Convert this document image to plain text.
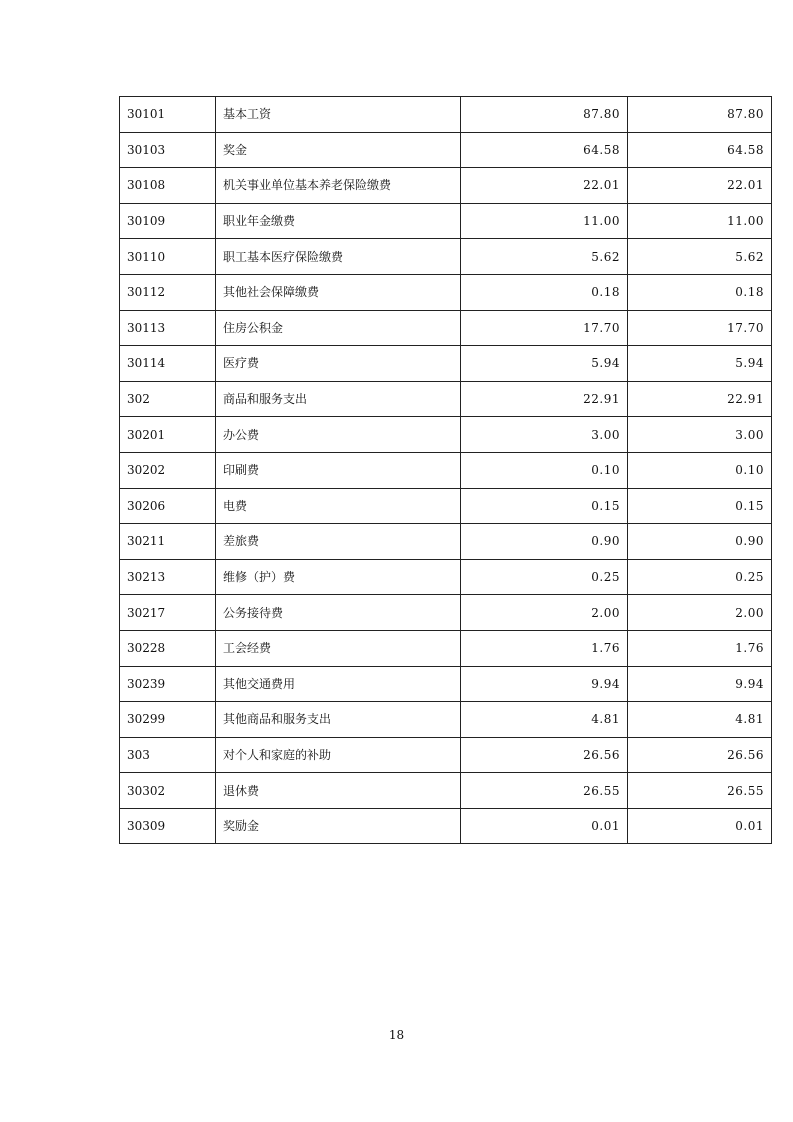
30101	基本工资	87.80	87.80
30103	奖金	64.58	64.58
30108	机关事业单位基本养老保险缴费	22.01	22.01
30109	职业年金缴费	11.00	11.00
30110	职工基本医疗保险缴费	5.62	5.62
30112	其他社会保障缴费	0.18	0.18
30113	住房公积金	17.70	17.70
30114	医疗费	5.94	5.94
302	商品和服务支出	22.91	22.91
30201	办公费	3.00	3.00
30202	印刷费	0.10	0.10
30206	电费	0.15	0.15
30211	差旅费	0.90	0.90
30213	维修（护）费	0.25	0.25
30217	公务接待费	2.00	2.00
30228	工会经费	1.76	1.76
30239	其他交通费用	9.94	9.94
30299	其他商品和服务支出	4.81	4.81
303	对个人和家庭的补助	26.56	26.56
30302	退休费	26.55	26.55
30309	奖励金	0.01	0.01
18
